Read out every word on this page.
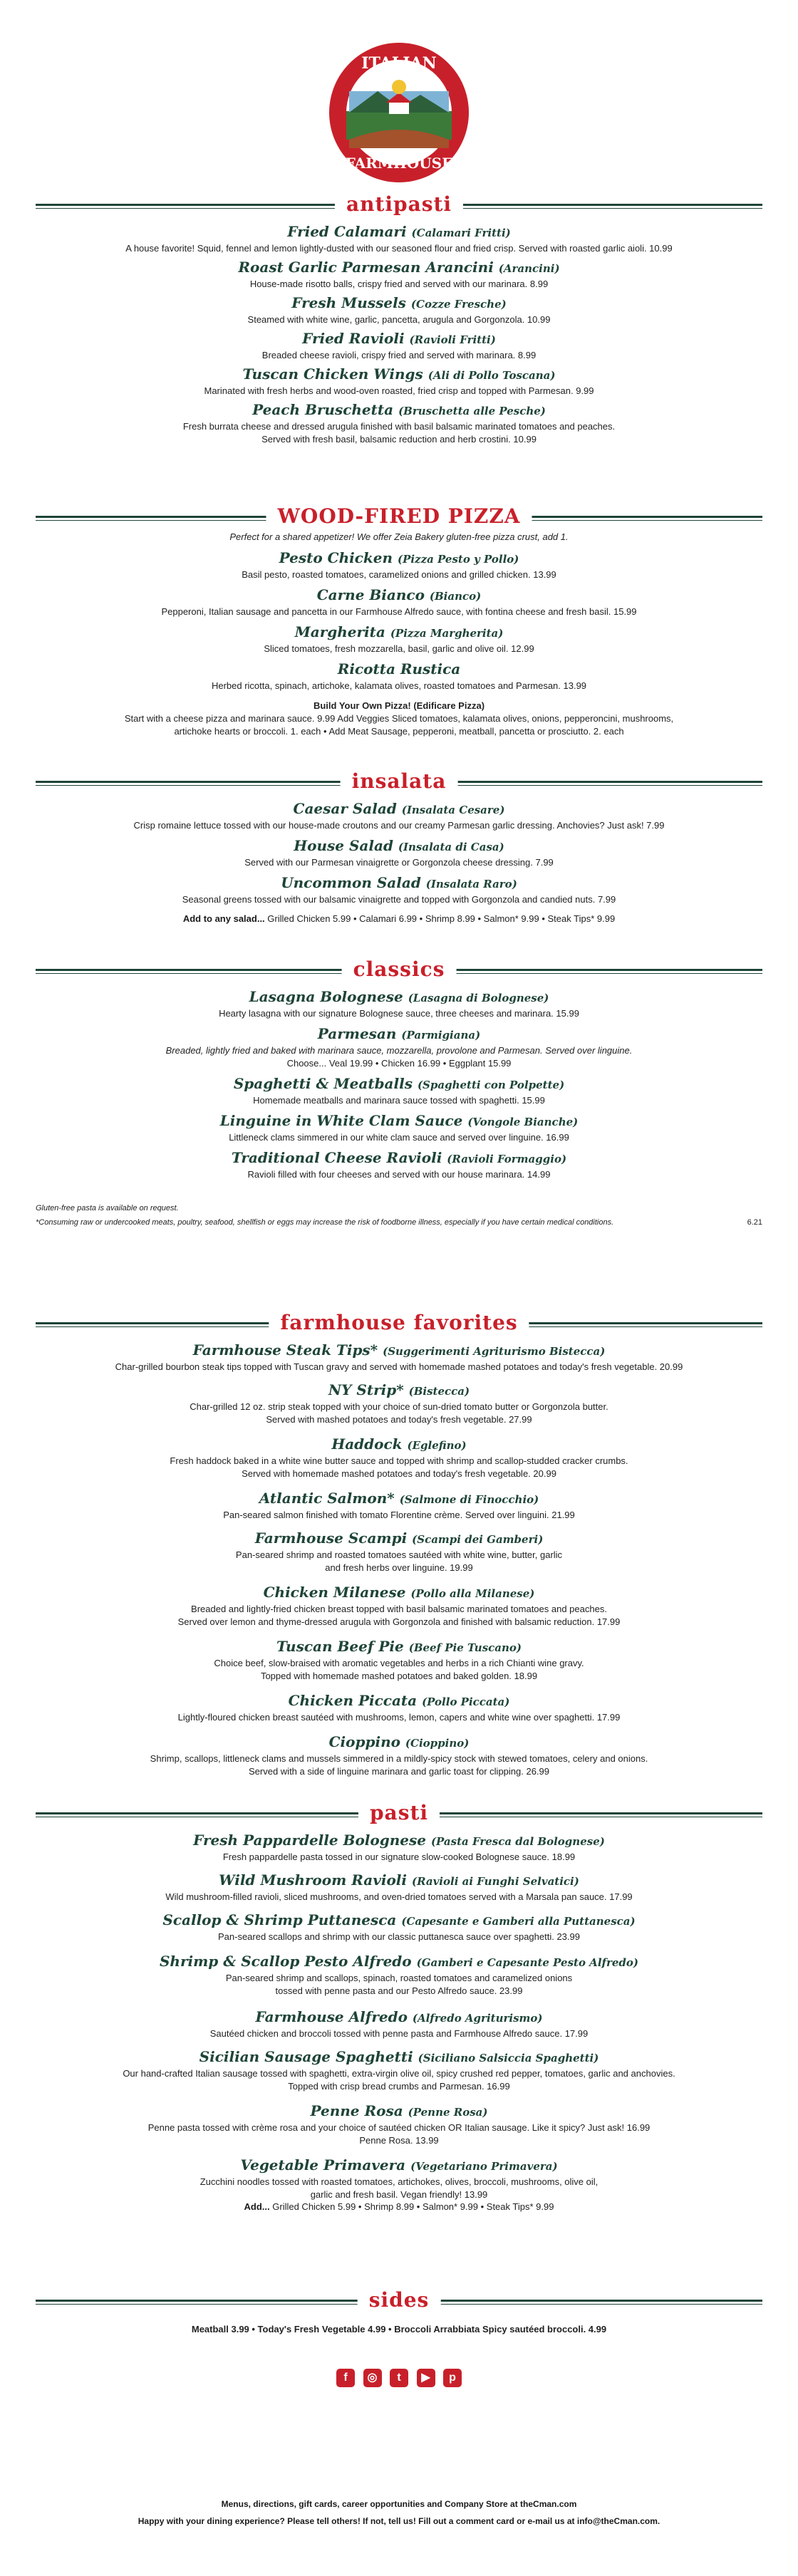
ITALIAN
FARMHOUSE
antipasti
Fried Calamari (Calamari Fritti)
A house favorite! Squid, fennel and lemon lightly-dusted with our seasoned flour and fried crisp. Served with roasted garlic aioli. 10.99
Roast Garlic Parmesan Arancini (Arancini)
House-made risotto balls, crispy fried and served with our marinara. 8.99
Fresh Mussels (Cozze Fresche)
Steamed with white wine, garlic, pancetta, arugula and Gorgonzola. 10.99
Fried Ravioli (Ravioli Fritti)
Breaded cheese ravioli, crispy fried and served with marinara. 8.99
Tuscan Chicken Wings (Ali di Pollo Toscana)
Marinated with fresh herbs and wood-oven roasted, fried crisp and topped with Parmesan. 9.99
Peach Bruschetta (Bruschetta alle Pesche)
Fresh burrata cheese and dressed arugula finished with basil balsamic marinated tomatoes and peaches.
Served with fresh basil, balsamic reduction and herb crostini. 10.99
WOOD-FIRED PIZZA
Perfect for a shared appetizer! We offer Zeia Bakery gluten-free pizza crust, add 1.
Pesto Chicken (Pizza Pesto y Pollo)
Basil pesto, roasted tomatoes, caramelized onions and grilled chicken. 13.99
Carne Bianco (Bianco)
Pepperoni, Italian sausage and pancetta in our Farmhouse Alfredo sauce, with fontina cheese and fresh basil. 15.99
Margherita (Pizza Margherita)
Sliced tomatoes, fresh mozzarella, basil, garlic and olive oil. 12.99
Ricotta Rustica
Herbed ricotta, spinach, artichoke, kalamata olives, roasted tomatoes and Parmesan. 13.99
Build Your Own Pizza! (Edificare Pizza)
Start with a cheese pizza and marinara sauce. 9.99 Add Veggies Sliced tomatoes, kalamata olives, onions, pepperoncini, mushrooms,
artichoke hearts or broccoli. 1. each • Add Meat Sausage, pepperoni, meatball, pancetta or prosciutto. 2. each
insalata
Caesar Salad (Insalata Cesare)
Crisp romaine lettuce tossed with our house-made croutons and our creamy Parmesan garlic dressing. Anchovies? Just ask! 7.99
House Salad (Insalata di Casa)
Served with our Parmesan vinaigrette or Gorgonzola cheese dressing. 7.99
Uncommon Salad (Insalata Raro)
Seasonal greens tossed with our balsamic vinaigrette and topped with Gorgonzola and candied nuts. 7.99
Add to any salad... Grilled Chicken 5.99 • Calamari 6.99 • Shrimp 8.99 • Salmon* 9.99 • Steak Tips* 9.99
classics
Lasagna Bolognese (Lasagna di Bolognese)
Hearty lasagna with our signature Bolognese sauce, three cheeses and marinara. 15.99
Parmesan (Parmigiana)
Breaded, lightly fried and baked with marinara sauce, mozzarella, provolone and Parmesan. Served over linguine.
Choose... Veal 19.99 • Chicken 16.99 • Eggplant 15.99
Spaghetti & Meatballs (Spaghetti con Polpette)
Homemade meatballs and marinara sauce tossed with spaghetti. 15.99
Linguine in White Clam Sauce (Vongole Bianche)
Littleneck clams simmered in our white clam sauce and served over linguine. 16.99
Traditional Cheese Ravioli (Ravioli Formaggio)
Ravioli filled with four cheeses and served with our house marinara. 14.99
Gluten-free pasta is available on request.
*Consuming raw or undercooked meats, poultry, seafood, shellfish or eggs may increase the risk of foodborne illness, especially if you have certain medical conditions.	6.21
farmhouse favorites
Farmhouse Steak Tips* (Suggerimenti Agriturismo Bistecca)
Char-grilled bourbon steak tips topped with Tuscan gravy and served with homemade mashed potatoes and today's fresh vegetable. 20.99
NY Strip* (Bistecca)
Char-grilled 12 oz. strip steak topped with your choice of sun-dried tomato butter or Gorgonzola butter.
Served with mashed potatoes and today's fresh vegetable. 27.99
Haddock (Eglefino)
Fresh haddock baked in a white wine butter sauce and topped with shrimp and scallop-studded cracker crumbs.
Served with homemade mashed potatoes and today's fresh vegetable. 20.99
Atlantic Salmon* (Salmone di Finocchio)
Pan-seared salmon finished with tomato Florentine crème. Served over linguini. 21.99
Farmhouse Scampi (Scampi dei Gamberi)
Pan-seared shrimp and roasted tomatoes sautéed with white wine, butter, garlic
and fresh herbs over linguine. 19.99
Chicken Milanese (Pollo alla Milanese)
Breaded and lightly-fried chicken breast topped with basil balsamic marinated tomatoes and peaches.
Served over lemon and thyme-dressed arugula with Gorgonzola and finished with balsamic reduction. 17.99
Tuscan Beef Pie (Beef Pie Tuscano)
Choice beef, slow-braised with aromatic vegetables and herbs in a rich Chianti wine gravy.
Topped with homemade mashed potatoes and baked golden. 18.99
Chicken Piccata (Pollo Piccata)
Lightly-floured chicken breast sautéed with mushrooms, lemon, capers and white wine over spaghetti. 17.99
Cioppino (Cioppino)
Shrimp, scallops, littleneck clams and mussels simmered in a mildly-spicy stock with stewed tomatoes, celery and onions.
Served with a side of linguine marinara and garlic toast for clipping. 26.99
pasti
Fresh Pappardelle Bolognese (Pasta Fresca dal Bolognese)
Fresh pappardelle pasta tossed in our signature slow-cooked Bolognese sauce. 18.99
Wild Mushroom Ravioli (Ravioli ai Funghi Selvatici)
Wild mushroom-filled ravioli, sliced mushrooms, and oven-dried tomatoes served with a Marsala pan sauce. 17.99
Scallop & Shrimp Puttanesca (Capesante e Gamberi alla Puttanesca)
Pan-seared scallops and shrimp with our classic puttanesca sauce over spaghetti. 23.99
Shrimp & Scallop Pesto Alfredo (Gamberi e Capesante Pesto Alfredo)
Pan-seared shrimp and scallops, spinach, roasted tomatoes and caramelized onions
tossed with penne pasta and our Pesto Alfredo sauce. 23.99
Farmhouse Alfredo (Alfredo Agriturismo)
Sautéed chicken and broccoli tossed with penne pasta and Farmhouse Alfredo sauce. 17.99
Sicilian Sausage Spaghetti (Siciliano Salsiccia Spaghetti)
Our hand-crafted Italian sausage tossed with spaghetti, extra-virgin olive oil, spicy crushed red pepper, tomatoes, garlic and anchovies.
Topped with crisp bread crumbs and Parmesan. 16.99
Penne Rosa (Penne Rosa)
Penne pasta tossed with crème rosa and your choice of sautéed chicken OR Italian sausage. Like it spicy? Just ask! 16.99
Penne Rosa. 13.99
Vegetable Primavera (Vegetariano Primavera)
Zucchini noodles tossed with roasted tomatoes, artichokes, olives, broccoli, mushrooms, olive oil,
garlic and fresh basil. Vegan friendly! 13.99
Add... Grilled Chicken 5.99 • Shrimp 8.99 • Salmon* 9.99 • Steak Tips* 9.99
sides
Meatball 3.99 • Today's Fresh Vegetable 4.99 • Broccoli Arrabbiata Spicy sautéed broccoli. 4.99
f	◎	t	▶	p
Menus, directions, gift cards, career opportunities and Company Store at theCman.com
Happy with your dining experience? Please tell others! If not, tell us! Fill out a comment card or e-mail us at info@theCman.com.
